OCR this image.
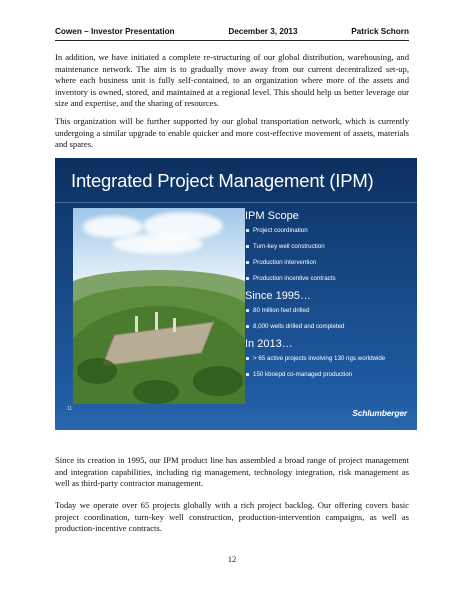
Cowen – Investor Presentation	December 3, 2013	Patrick Schorn

In addition, we have initiated a complete re-structuring of our global distribution, warehousing, and maintenance network. The aim is to gradually move away from our current decentralized set-up, where each business unit is fully self-contained, to an organization where more of the assets and inventory is owned, stored, and maintained at a regional level. This should help us better leverage our size and expertise, and the sharing of resources.

This organization will be further supported by our global transportation network, which is currently undergoing a similar upgrade to enable quicker and more cost-effective movement of assets, materials and spares.

Integrated Project Management (IPM)
IPM Scope
Project coordination
Turn-key well construction
Production intervention
Production incentive contracts
Since 1995…
80 million feet drilled
8,000 wells drilled and completed
In 2013…
> 65 active projects involving 130 rigs worldwide
150 kboepd co-managed production
11	Schlumberger

Since its creation in 1995, our IPM product line has assembled a broad range of project management and integration capabilities, including rig management, technology integration, risk management as well as third-party contractor management.

Today we operate over 65 projects globally with a rich project backlog. Our offering covers basic project coordination, turn-key well construction, production-intervention campaigns, as well as production-incentive contracts.

12
